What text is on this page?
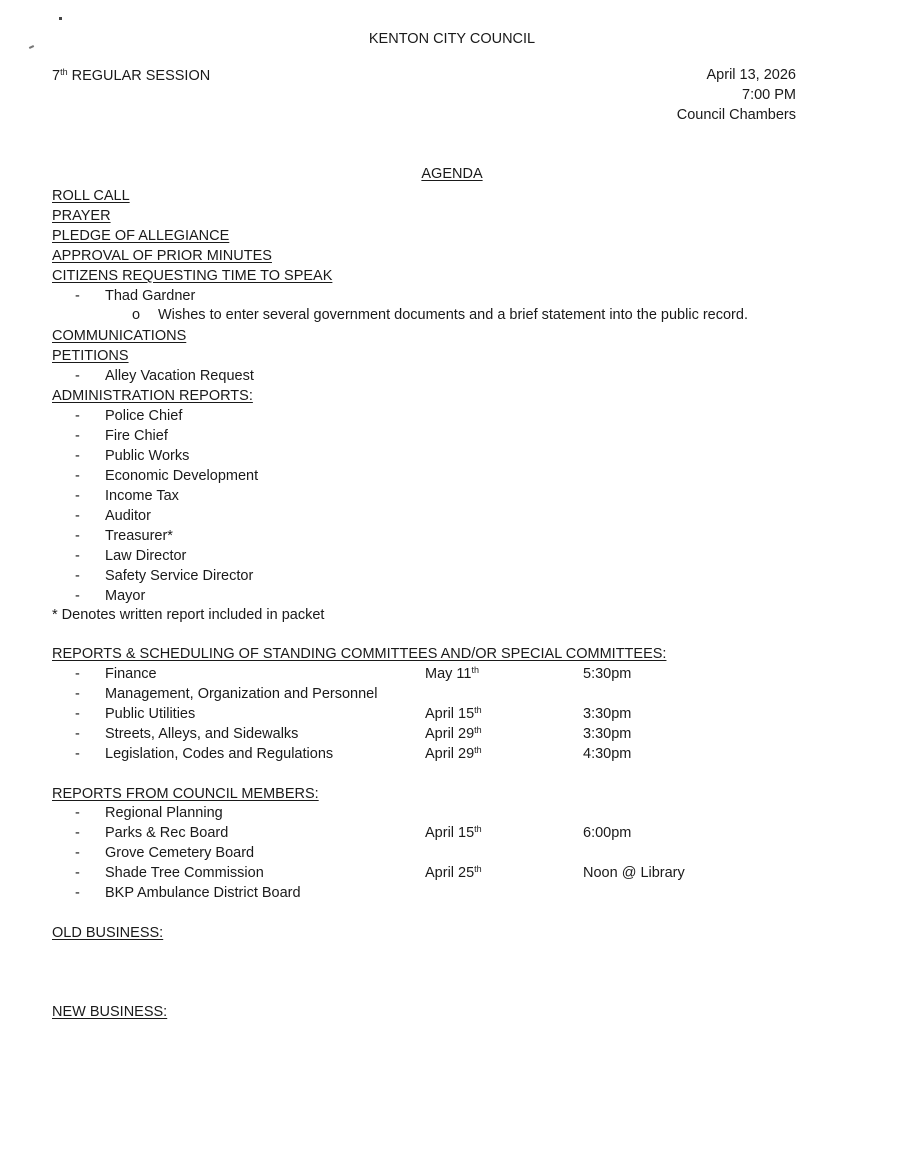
KENTON CITY COUNCIL
7th REGULAR SESSION	April 13, 2026
7:00 PM
Council Chambers
AGENDA
ROLL CALL
PRAYER
PLEDGE OF ALLEGIANCE
APPROVAL OF PRIOR MINUTES
CITIZENS REQUESTING TIME TO SPEAK
- Thad Gardner
o Wishes to enter several government documents and a brief statement into the public record.
COMMUNICATIONS
PETITIONS
- Alley Vacation Request
ADMINISTRATION REPORTS:
- Police Chief
- Fire Chief
- Public Works
- Economic Development
- Income Tax
- Auditor
- Treasurer*
- Law Director
- Safety Service Director
- Mayor
* Denotes written report included in packet
REPORTS & SCHEDULING OF STANDING COMMITTEES AND/OR SPECIAL COMMITTEES:
- Finance	May 11th	5:30pm
- Management, Organization and Personnel
- Public Utilities	April 15th	3:30pm
- Streets, Alleys, and Sidewalks	April 29th	3:30pm
- Legislation, Codes and Regulations	April 29th	4:30pm
REPORTS FROM COUNCIL MEMBERS:
- Regional Planning
- Parks & Rec Board	April 15th	6:00pm
- Grove Cemetery Board
- Shade Tree Commission	April 25th	Noon @ Library
- BKP Ambulance District Board
OLD BUSINESS:
NEW BUSINESS:
